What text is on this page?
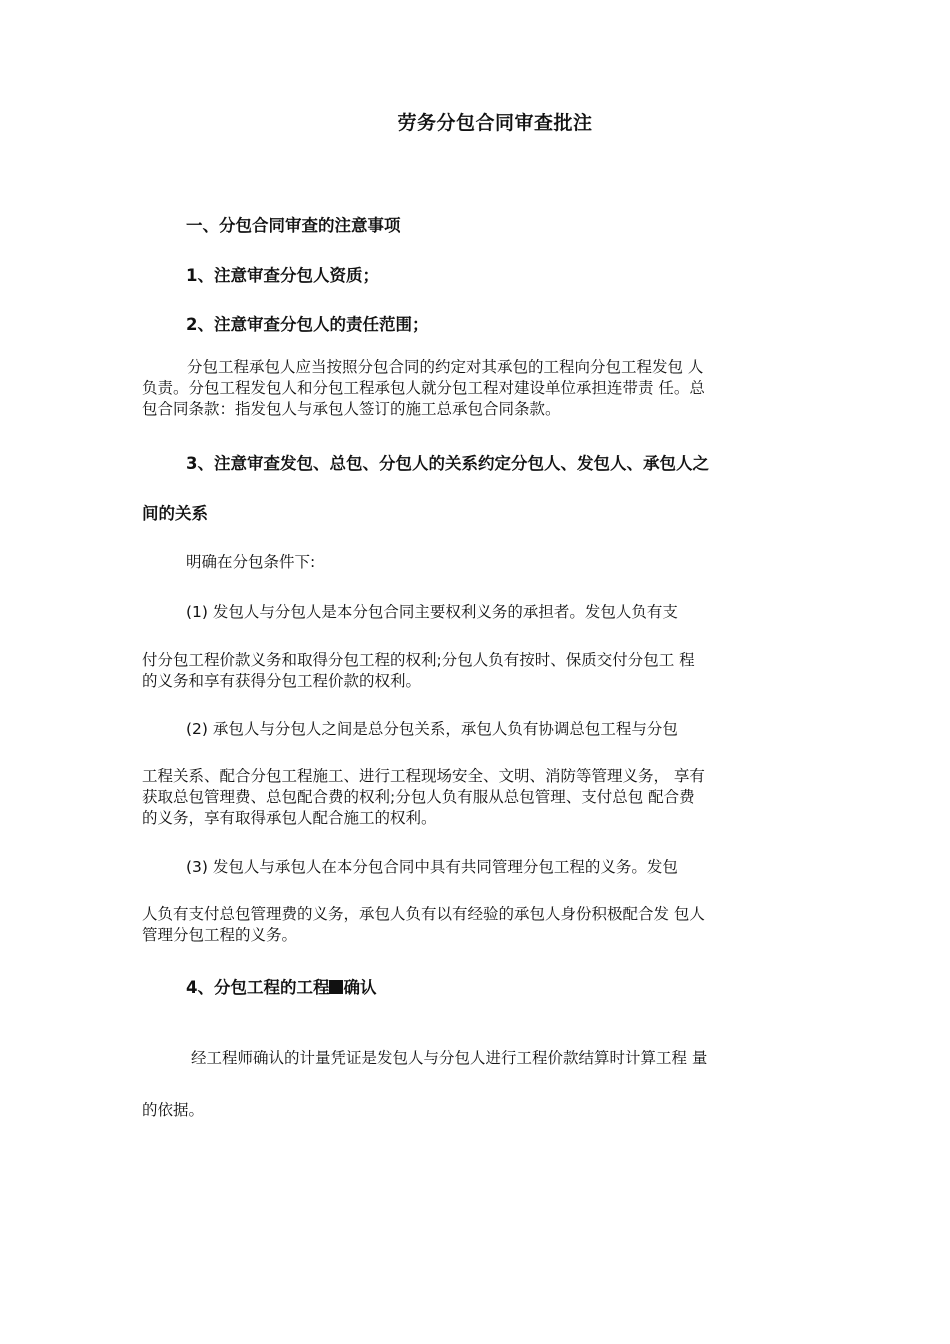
劳务分包合同审查批注
一、分包合同审查的注意事项
1、注意审查分包人资质；
2、注意审查分包人的责任范围；
分包工程承包人应当按照分包合同的约定对其承包的工程向分包工程发包 人
负责。分包工程发包人和分包工程承包人就分包工程对建设单位承担连带责 任。总
包合同条款：指发包人与承包人签订的施工总承包合同条款。
3、注意审查发包、总包、分包人的关系约定分包人、发包人、承包人之
间的关系
明确在分包条件下:
(1) 发包人与分包人是本分包合同主要权利义务的承担者。发包人负有支
付分包工程价款义务和取得分包工程的权利;分包人负有按时、保质交付分包工 程
的义务和享有获得分包工程价款的权利。
(2) 承包人与分包人之间是总分包关系，承包人负有协调总包工程与分包
工程关系、配合分包工程施工、进行工程现场安全、文明、消防等管理义务， 享有
获取总包管理费、总包配合费的权利;分包人负有服从总包管理、支付总包 配合费
的义务，享有取得承包人配合施工的权利。
(3) 发包人与承包人在本分包合同中具有共同管理分包工程的义务。发包
人负有支付总包管理费的义务，承包人负有以有经验的承包人身份积极配合发 包人
管理分包工程的义务。
4、分包工程的工程 确认
经工程师确认的计量凭证是发包人与分包人进行工程价款结算时计算工程 量
的依据。
